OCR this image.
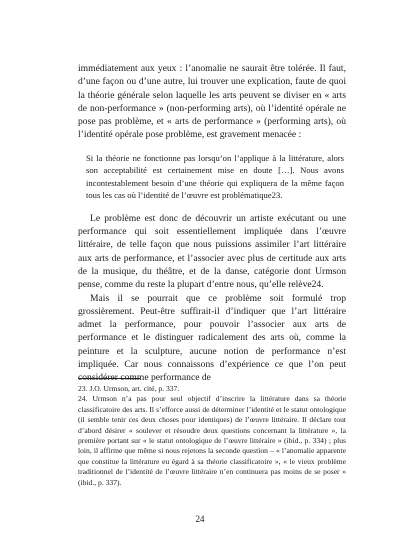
immédiatement aux yeux : l’anomalie ne saurait être tolérée. Il faut, d’une façon ou d’une autre, lui trouver une explication, faute de quoi la théorie générale selon laquelle les arts peuvent se diviser en « arts de non-performance » (non-performing arts), où l’identité opérale ne pose pas problème, et « arts de performance » (performing arts), où l’identité opérale pose problème, est gravement menacée :

Si la théorie ne fonctionne pas lorsqu’on l’applique à la littérature, alors son acceptabilité est certainement mise en doute […]. Nous avons incontestablement besoin d’une théorie qui expliquera de la même façon tous les cas où l’identité de l’œuvre est problématique23.

Le problème est donc de découvrir un artiste exécutant ou une performance qui soit essentiellement impliquée dans l’œuvre littéraire, de telle façon que nous puissions assimiler l’art littéraire aux arts de performance, et l’associer avec plus de certitude aux arts de la musique, du théâtre, et de la danse, catégorie dont Urmson pense, comme du reste la plupart d’entre nous, qu’elle relève24.

Mais il se pourrait que ce problème soit formulé trop grossièrement. Peut-être suffirait-il d’indiquer que l’art littéraire admet la performance, pour pouvoir l’associer aux arts de performance et le distinguer radicalement des arts où, comme la peinture et la sculpture, aucune notion de performance n’est impliquée. Car nous connaissons d’expérience ce que l’on peut considérer comme performance de

23. J.O. Urmson, art. cité, p. 337.

24. Urmson n’a pas pour seul objectif d’inscrire la littérature dans sa théorie classificatoire des arts. Il s’efforce aussi de déterminer l’identité et le statut ontologique (il semble tenir ces deux choses pour identiques) de l’œuvre littéraire. Il déclare tout d’abord désirer « soulever et résoudre deux questions concernant la littérature », la première portant sur « le statut ontologique de l’œuvre littéraire » (ibid., p. 334) ; plus loin, il affirme que même si nous rejetons la seconde question – « l’anomalie apparente que constitue la littérature eu égard à sa théorie classificatoire », « le vieux problème traditionnel de l’identité de l’œuvre littéraire n’en continuera pas moins de se poser » (ibid., p. 337).

24
